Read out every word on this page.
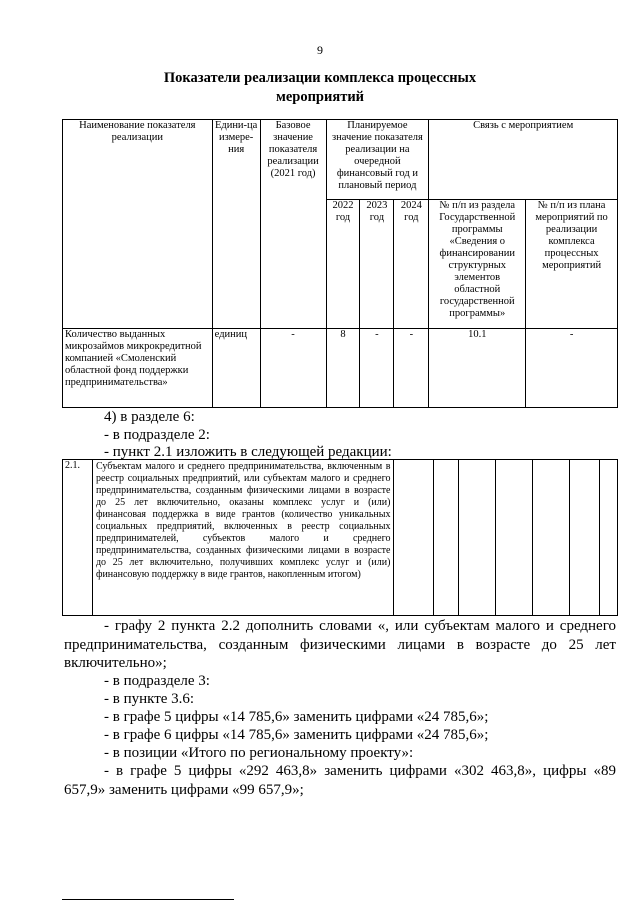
9
Показатели реализации комплекса процессных мероприятий
Наименование показателя реализации	Едини-ца измере-ния	Базовое значение показателя реализации (2021 год)	Планируемое значение показателя реализации на очередной финансовый год и плановый период			Связь с мероприятием	
			2022 год	2023 год	2024 год	№ п/п из раздела Государственной программы «Сведения о финансировании структурных элементов областной государственной программы»	№ п/п из плана мероприятий по реализации комплекса процессных мероприятий
Количество выданных микрозаймов микрокредитной компанией «Смоленский областной фонд поддержки предпринимательства»	единиц	-	8	-	-	10.1	-
4) в разделе 6:
- в подразделе 2:
- пункт 2.1 изложить в следующей редакции:
2.1.	Субъектам малого и среднего предпринимательства, включенным в реестр социальных предприятий, или субъектам малого и среднего предпринимательства, созданным физическими лицами в возрасте до 25 лет включительно, оказаны комплекс услуг и (или) финансовая поддержка в виде грантов (количество уникальных социальных предприятий, включенных в реестр социальных предпринимателей, субъектов малого и среднего предпринимательства, созданных физическими лицами в возрасте до 25 лет включительно, получивших комплекс услуг и (или) финансовую поддержку в виде грантов, накопленным итогом)							
- графу 2 пункта 2.2 дополнить словами «, или субъектам малого и среднего предпринимательства, созданным физическими лицами в возрасте до 25 лет включительно»;
- в подразделе 3:
- в пункте 3.6:
- в графе 5 цифры «14 785,6» заменить цифрами «24 785,6»;
- в графе 6 цифры «14 785,6» заменить цифрами «24 785,6»;
- в позиции «Итого по региональному проекту»:
- в графе 5 цифры «292 463,8» заменить цифрами «302 463,8», цифры «89 657,9» заменить цифрами «99 657,9»;
